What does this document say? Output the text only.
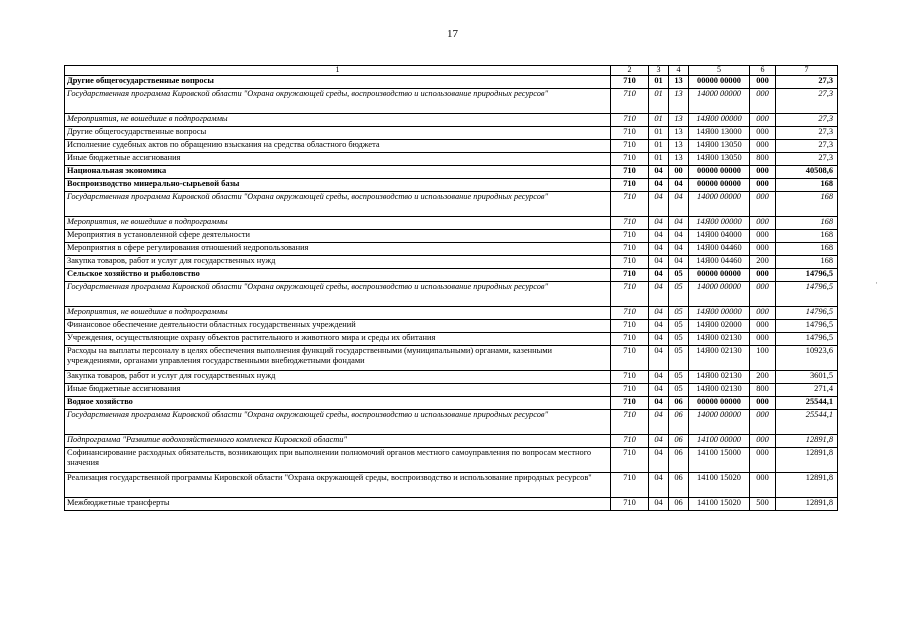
17
1	2	3	4	5	6	7
Другие общегосударственные вопросы	710	01	13	00000 00000	000	27,3
Государственная программа Кировской области "Охрана окружающей среды, воспроизводство и использование природных ресурсов"	710	01	13	14000 00000	000	27,3
Мероприятия, не вошедшие в подпрограммы	710	01	13	14Я00 00000	000	27,3
Другие общегосударственные вопросы	710	01	13	14Я00 13000	000	27,3
Исполнение судебных актов по обращению взыскания на средства областного бюджета	710	01	13	14Я00 13050	000	27,3
Иные бюджетные ассигнования	710	01	13	14Я00 13050	800	27,3
Национальная экономика	710	04	00	00000 00000	000	40508,6
Воспроизводство минерально-сырьевой базы	710	04	04	00000 00000	000	168
Государственная программа Кировской области "Охрана окружающей среды, воспроизводство и использование природных ресурсов"	710	04	04	14000 00000	000	168
Мероприятия, не вошедшие в подпрограммы	710	04	04	14Я00 00000	000	168
Мероприятия в установленной сфере деятельности	710	04	04	14Я00 04000	000	168
Мероприятия в сфере регулирования отношений недропользования	710	04	04	14Я00 04460	000	168
Закупка товаров, работ и услуг для государственных нужд	710	04	04	14Я00 04460	200	168
Сельское хозяйство и рыболовство	710	04	05	00000 00000	000	14796,5
Государственная программа Кировской области "Охрана окружающей среды, воспроизводство и использование природных ресурсов"	710	04	05	14000 00000	000	14796,5
Мероприятия, не вошедшие в подпрограммы	710	04	05	14Я00 00000	000	14796,5
Финансовое обеспечение деятельности областных государственных учреждений	710	04	05	14Я00 02000	000	14796,5
Учреждения, осуществляющие охрану объектов растительного и животного мира и среды их обитания	710	04	05	14Я00 02130	000	14796,5
Расходы на выплаты персоналу в целях обеспечения выполнения функций государственными (муниципальными) органами, казенными учреждениями, органами управления государственными внебюджетными фондами	710	04	05	14Я00 02130	100	10923,6
Закупка товаров, работ и услуг для государственных нужд	710	04	05	14Я00 02130	200	3601,5
Иные бюджетные ассигнования	710	04	05	14Я00 02130	800	271,4
Водное хозяйство	710	04	06	00000 00000	000	25544,1
Государственная программа Кировской области "Охрана окружающей среды, воспроизводство и использование природных ресурсов"	710	04	06	14000 00000	000	25544,1
Подпрограмма "Развитие водохозяйственного комплекса Кировской области"	710	04	06	14100 00000	000	12891,8
Софинансирование расходных обязательств, возникающих при выполнении полномочий органов местного самоуправления по вопросам местного значения	710	04	06	14100 15000	000	12891,8
Реализация государственной программы Кировской области "Охрана окружающей среды, воспроизводство и использование природных ресурсов"	710	04	06	14100 15020	000	12891,8
Межбюджетные трансферты	710	04	06	14100 15020	500	12891,8
·
